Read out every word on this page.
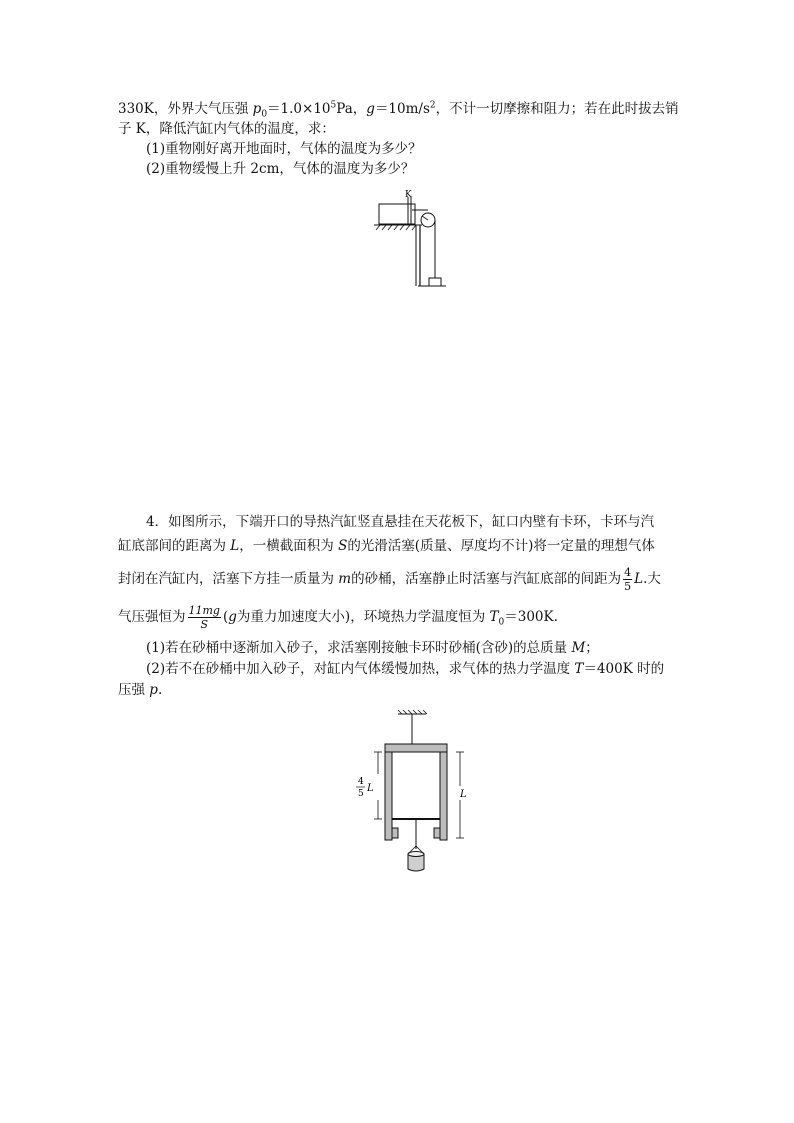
330K，外界大气压强 $p_0=1.0\times 10^5Pa$，$g=10m/s^2$，不计一切摩擦和阻力；若在此时拔去销
子 K，降低汽缸内气体的温度，求：
(1)重物刚好离开地面时，气体的温度为多少？
(2)重物缓慢上升 2cm，气体的温度为多少？
K
4．如图所示，下端开口的导热汽缸竖直悬挂在天花板下，缸口内壁有卡环，卡环与汽
缸底部间的距离为 L，一横截面积为 S的光滑活塞(质量、厚度均不计)将一定量的理想气体
封闭在汽缸内，活塞下方挂一质量为 m的砂桶，活塞静止时活塞与汽缸底部的间距为 $\frac{4}{5} L$.大
气压强恒为 $\frac{11mg}{S} (g$为重力加速度大小)，环境热力学温度恒为 $T_0=300K$.
(1)若在砂桶中逐渐加入砂子，求活塞刚接触卡环时砂桶(含砂)的总质量 M；
(2)若不在砂桶中加入砂子，对缸内气体缓慢加热，求气体的热力学温度 T＝400K 时的
压强 p.
4
5 L
L
